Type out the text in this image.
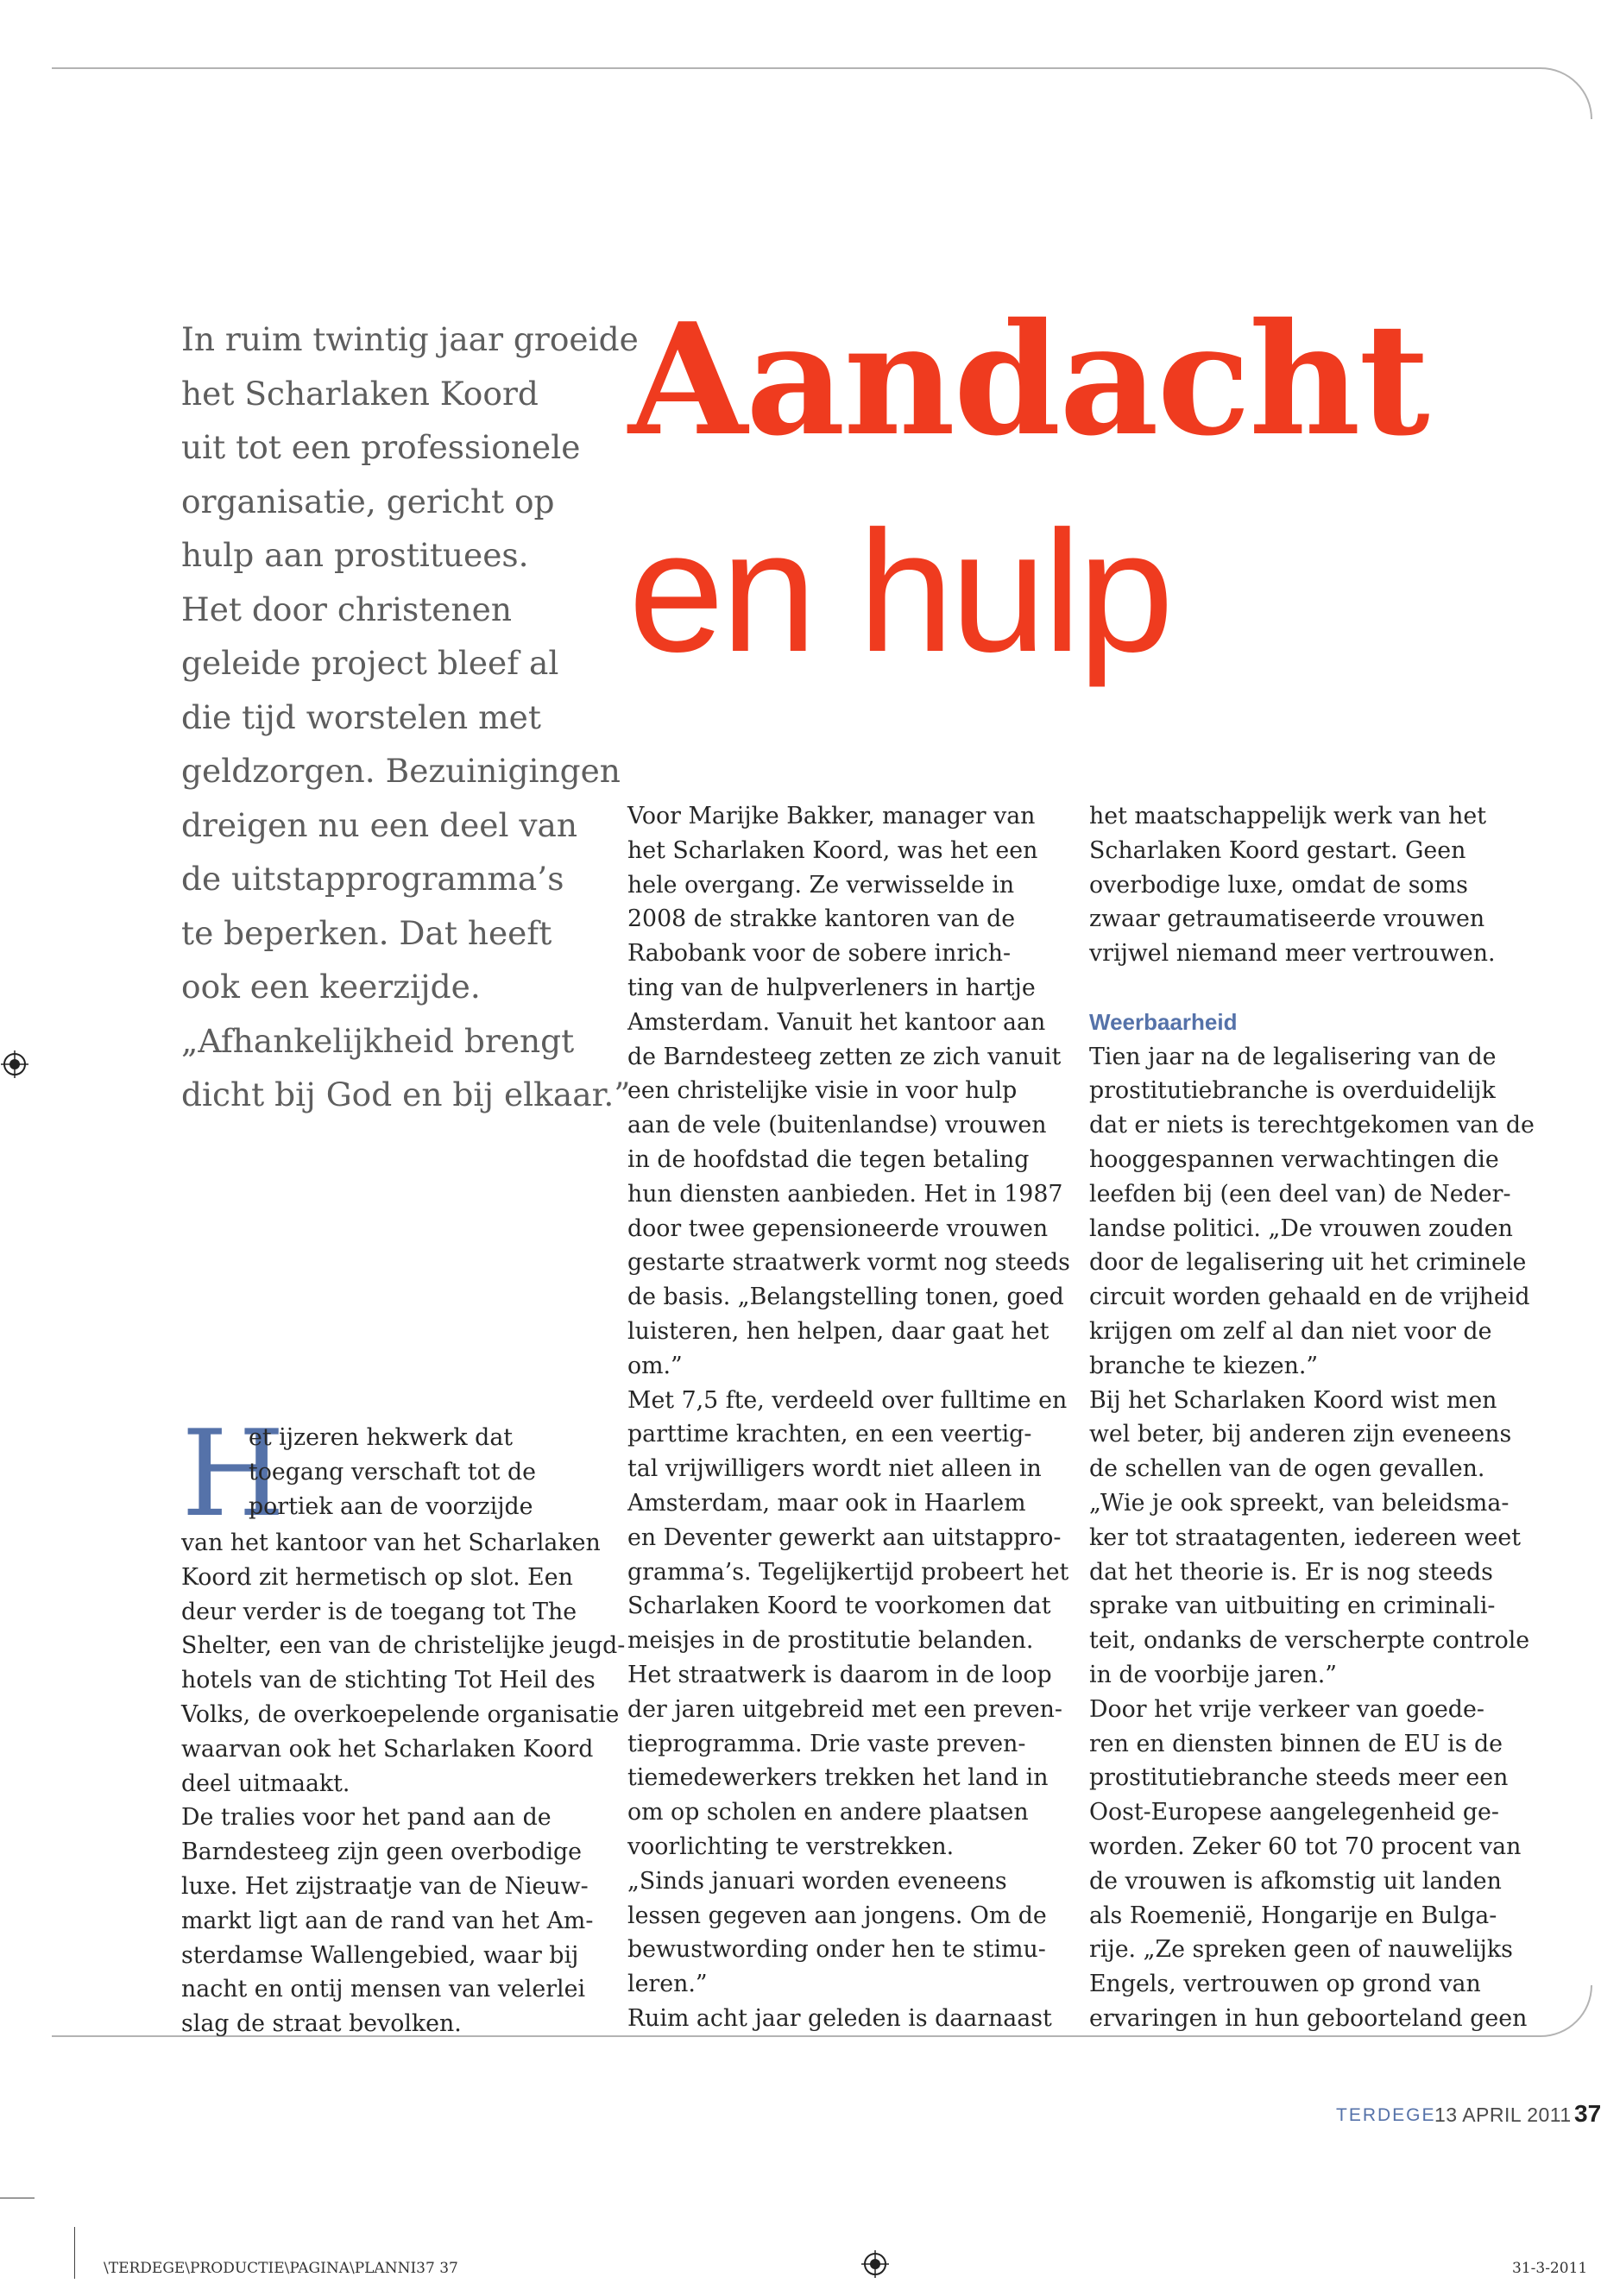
In ruim twintig jaar groeide
het Scharlaken Koord
uit tot een professionele
organisatie, gericht op
hulp aan prostituees.
Het door christenen
geleide project bleef al
die tijd worstelen met
geldzorgen. Bezuinigingen
dreigen nu een deel van
de uitstapprogramma’s
te beperken. Dat heeft
ook een keerzijde.
„Afhankelijkheid brengt
dicht bij God en bij elkaar.”
Aandacht
en hulp
H
et ijzeren hekwerk dat
toegang verschaft tot de
portiek aan de voorzijde
van het kantoor van het Scharlaken
Koord zit hermetisch op slot. Een
deur verder is de toegang tot The
Shelter, een van de christelijke jeugd-
hotels van de stichting Tot Heil des
Volks, de overkoepelende organisatie
waarvan ook het Scharlaken Koord
deel uitmaakt.
De tralies voor het pand aan de
Barndesteeg zijn geen overbodige
luxe. Het zijstraatje van de Nieuw-
markt ligt aan de rand van het Am-
sterdamse Wallengebied, waar bij
nacht en ontij mensen van velerlei
slag de straat bevolken.
Voor Marijke Bakker, manager van
het Scharlaken Koord, was het een
hele overgang. Ze verwisselde in
2008 de strakke kantoren van de
Rabobank voor de sobere inrich-
ting van de hulpverleners in hartje
Amsterdam. Vanuit het kantoor aan
de Barndesteeg zetten ze zich vanuit
een christelijke visie in voor hulp
aan de vele (buitenlandse) vrouwen
in de hoofdstad die tegen betaling
hun diensten aanbieden. Het in 1987
door twee gepensioneerde vrouwen
gestarte straatwerk vormt nog steeds
de basis. „Belangstelling tonen, goed
luisteren, hen helpen, daar gaat het
om.”
Met 7,5 fte, verdeeld over fulltime en
parttime krachten, en een veertig-
tal vrijwilligers wordt niet alleen in
Amsterdam, maar ook in Haarlem
en Deventer gewerkt aan uitstappro-
gramma’s. Tegelijkertijd probeert het
Scharlaken Koord te voorkomen dat
meisjes in de prostitutie belanden.
Het straatwerk is daarom in de loop
der jaren uitgebreid met een preven-
tieprogramma. Drie vaste preven-
tiemedewerkers trekken het land in
om op scholen en andere plaatsen
voorlichting te verstrekken.
„Sinds januari worden eveneens
lessen gegeven aan jongens. Om de
bewustwording onder hen te stimu-
leren.”
Ruim acht jaar geleden is daarnaast
het maatschappelijk werk van het
Scharlaken Koord gestart. Geen
overbodige luxe, omdat de soms
zwaar getraumatiseerde vrouwen
vrijwel niemand meer vertrouwen.
Weerbaarheid
Tien jaar na de legalisering van de
prostitutiebranche is overduidelijk
dat er niets is terechtgekomen van de
hooggespannen verwachtingen die
leefden bij (een deel van) de Neder-
landse politici. „De vrouwen zouden
door de legalisering uit het criminele
circuit worden gehaald en de vrijheid
krijgen om zelf al dan niet voor de
branche te kiezen.”
Bij het Scharlaken Koord wist men
wel beter, bij anderen zijn eveneens
de schellen van de ogen gevallen.
„Wie je ook spreekt, van beleidsma-
ker tot straatagenten, iedereen weet
dat het theorie is. Er is nog steeds
sprake van uitbuiting en criminali-
teit, ondanks de verscherpte controle
in de voorbije jaren.”
Door het vrije verkeer van goede-
ren en diensten binnen de EU is de
prostitutiebranche steeds meer een
Oost-Europese aangelegenheid ge-
worden. Zeker 60 tot 70 procent van
de vrouwen is afkomstig uit landen
als Roemenië, Hongarije en Bulga-
rije. „Ze spreken geen of nauwelijks
Engels, vertrouwen op grond van
ervaringen in hun geboorteland geen
TERDEGE
13 APRIL 2011 37
\TERDEGE\PRODUCTIE\PAGINA\PLANNI37 37	31-3-2011
